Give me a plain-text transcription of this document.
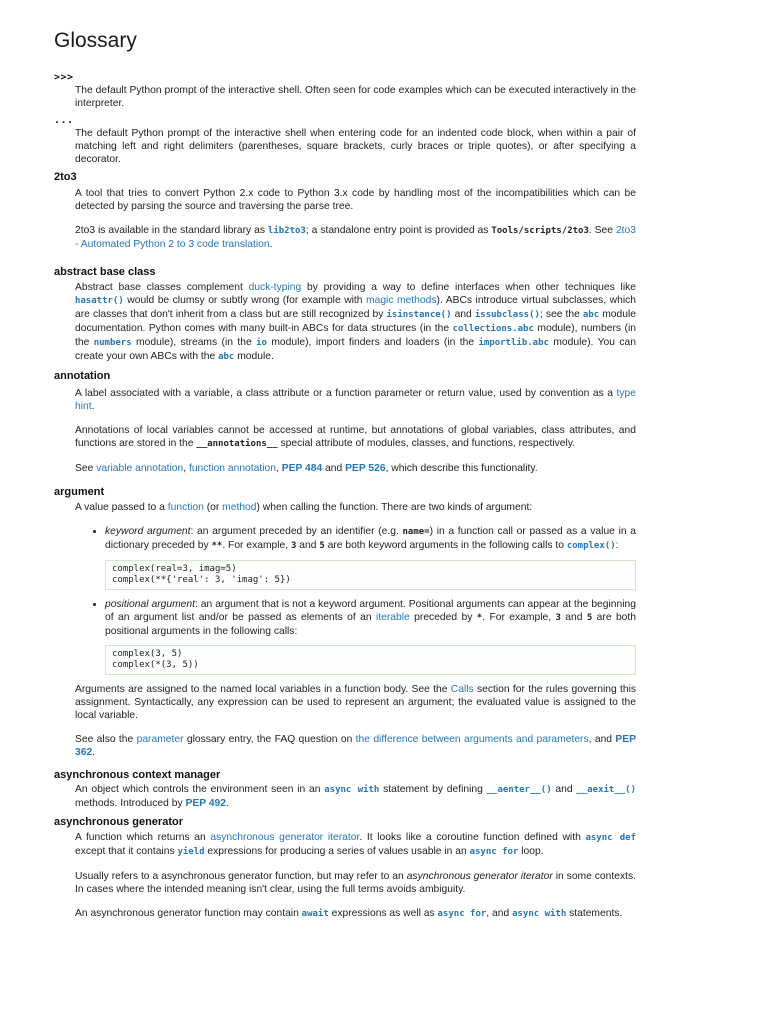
Glossary
>>>

The default Python prompt of the interactive shell. Often seen for code examples which can be executed interactively in the interpreter.

...

The default Python prompt of the interactive shell when entering code for an indented code block, when within a pair of matching left and right delimiters (parentheses, square brackets, curly braces or triple quotes), or after specifying a decorator.

2to3

A tool that tries to convert Python 2.x code to Python 3.x code by handling most of the incompatibilities which can be detected by parsing the source and traversing the parse tree.

2to3 is available in the standard library as lib2to3; a standalone entry point is provided as Tools/scripts/2to3. See 2to3 - Automated Python 2 to 3 code translation.

abstract base class

Abstract base classes complement duck-typing by providing a way to define interfaces when other techniques like hasattr() would be clumsy or subtly wrong (for example with magic methods). ABCs introduce virtual subclasses, which are classes that don't inherit from a class but are still recognized by isinstance() and issubclass(); see the abc module documentation. Python comes with many built-in ABCs for data structures (in the collections.abc module), numbers (in the numbers module), streams (in the io module), import finders and loaders (in the importlib.abc module). You can create your own ABCs with the abc module.

annotation

A label associated with a variable, a class attribute or a function parameter or return value, used by convention as a type hint.

Annotations of local variables cannot be accessed at runtime, but annotations of global variables, class attributes, and functions are stored in the __annotations__ special attribute of modules, classes, and functions, respectively.

See variable annotation, function annotation, PEP 484 and PEP 526, which describe this functionality.

argument

A value passed to a function (or method) when calling the function. There are two kinds of argument:

• keyword argument: an argument preceded by an identifier (e.g. name=) in a function call or passed as a value in a dictionary preceded by **. For example, 3 and 5 are both keyword arguments in the following calls to complex():
complex(real=3, imag=5)
complex(**{'real': 3, 'imag': 5})
• positional argument: an argument that is not a keyword argument. Positional arguments can appear at the beginning of an argument list and/or be passed as elements of an iterable preceded by *. For example, 3 and 5 are both positional arguments in the following calls:
complex(3, 5)
complex(*(3, 5))

Arguments are assigned to the named local variables in a function body. See the Calls section for the rules governing this assignment. Syntactically, any expression can be used to represent an argument; the evaluated value is assigned to the local variable.

See also the parameter glossary entry, the FAQ question on the difference between arguments and parameters, and PEP 362.

asynchronous context manager

An object which controls the environment seen in an async with statement by defining __aenter__() and __aexit__() methods. Introduced by PEP 492.

asynchronous generator

A function which returns an asynchronous generator iterator. It looks like a coroutine function defined with async def except that it contains yield expressions for producing a series of values usable in an async for loop.

Usually refers to a asynchronous generator function, but may refer to an asynchronous generator iterator in some contexts. In cases where the intended meaning isn't clear, using the full terms avoids ambiguity.

An asynchronous generator function may contain await expressions as well as async for, and async with statements.
